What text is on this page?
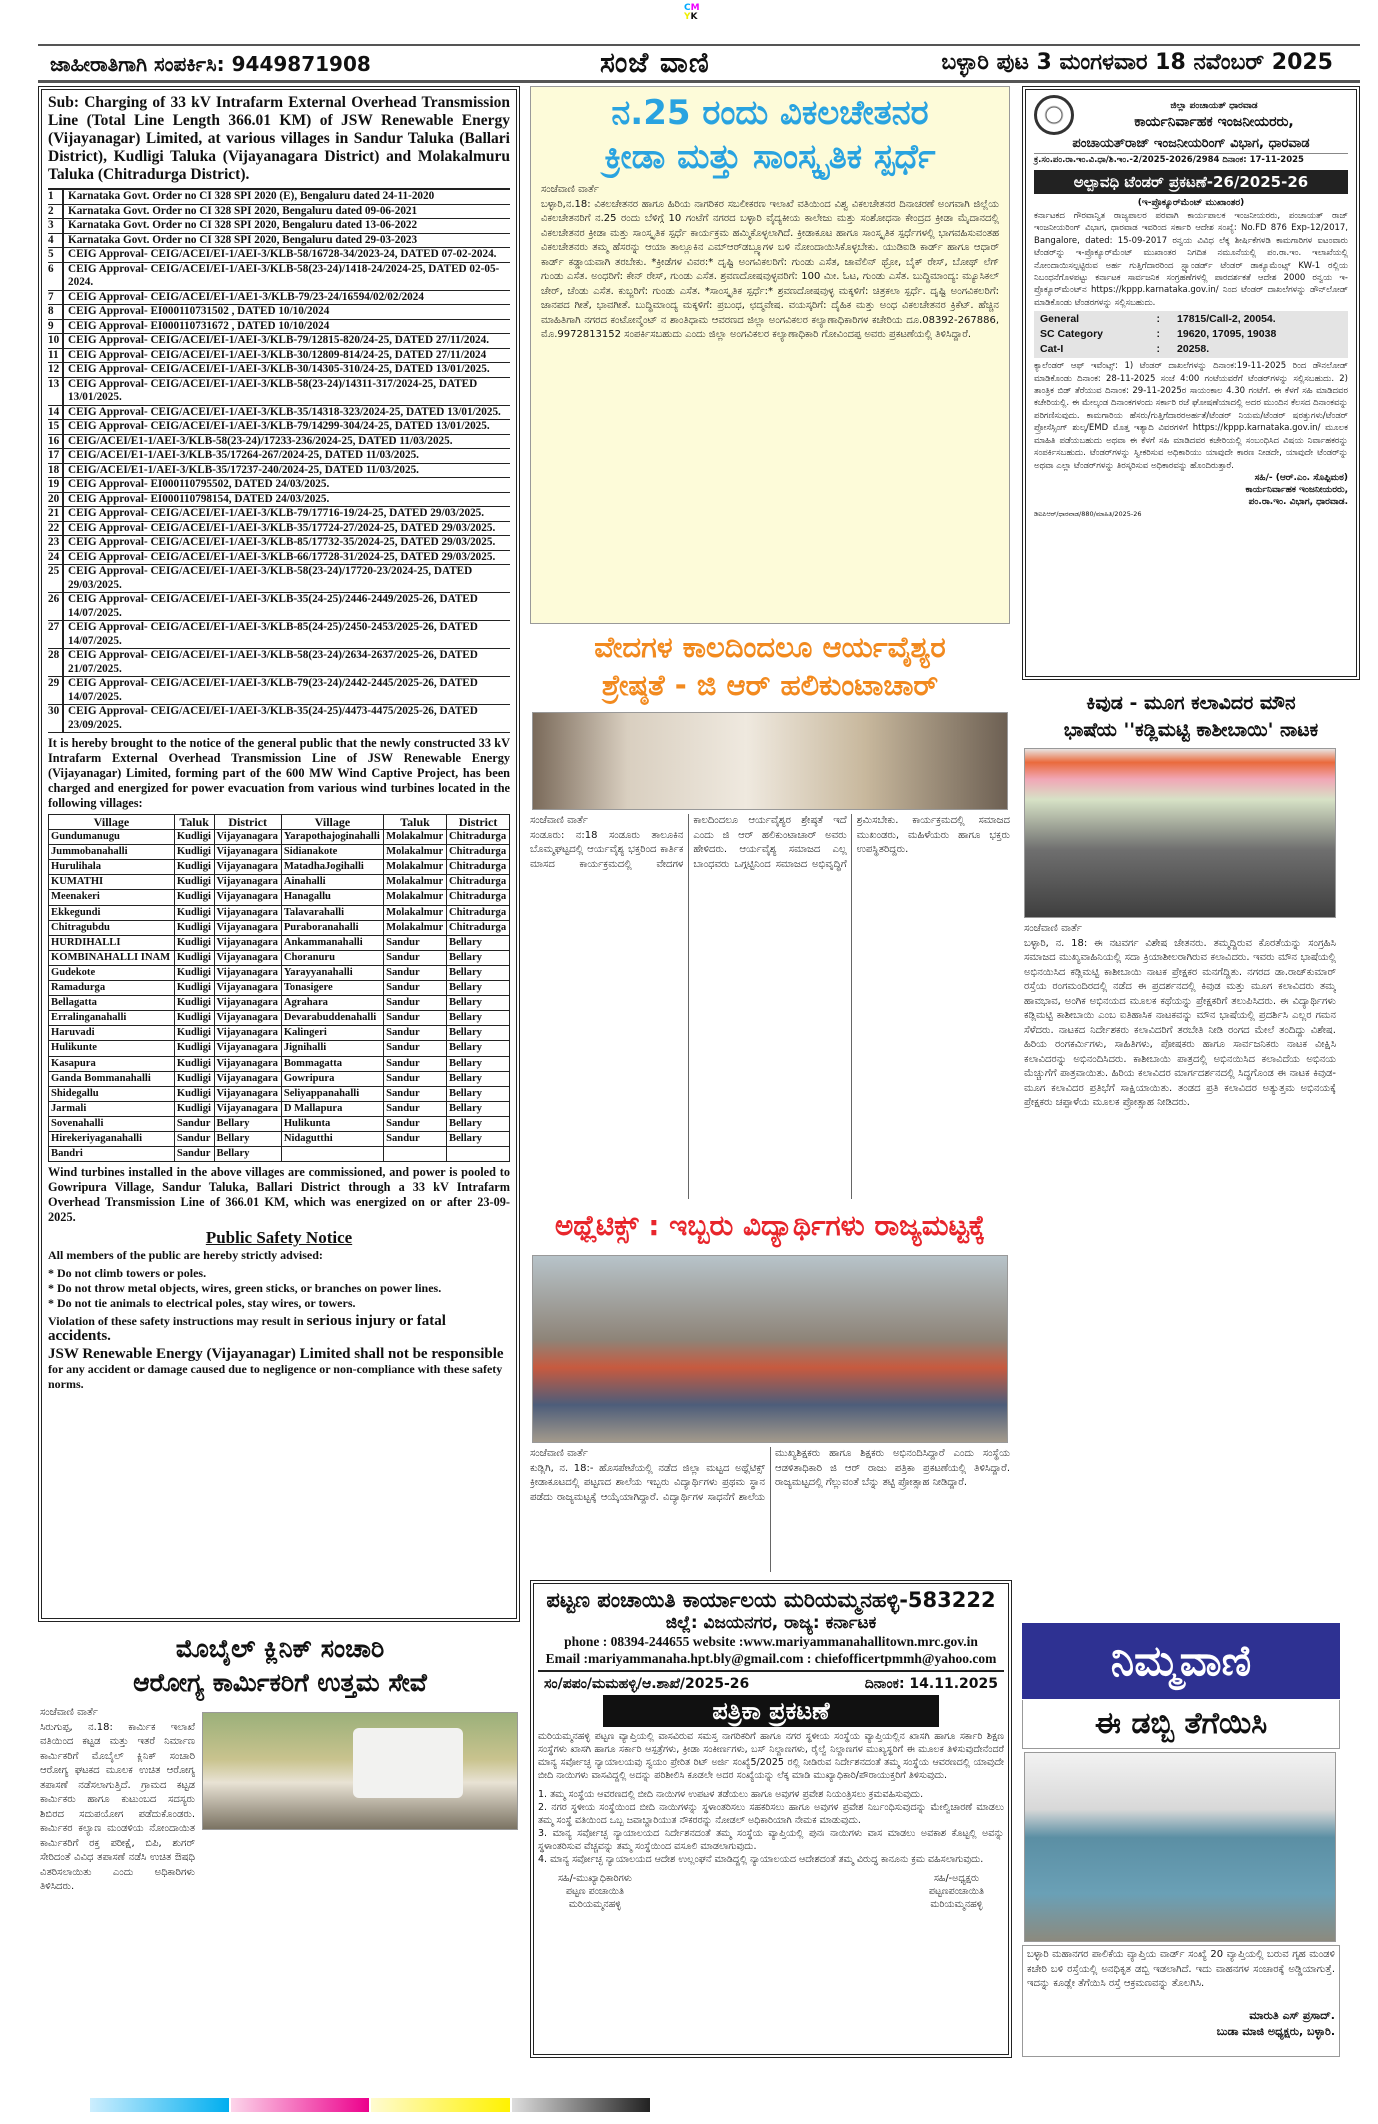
CM
YK
ಜಾಹೀರಾತಿಗಾಗಿ ಸಂಪರ್ಕಿಸಿ: 9449871908	ಸಂಜೆ ವಾಣಿ	ಬಳ್ಳಾರಿ ಪುಟ 3 ಮಂಗಳವಾರ 18 ನವೆಂಬರ್ 2025
Sub: Charging of 33 kV Intrafarm External Overhead Transmission Line (Total Line Length 366.01 KM) of JSW Renewable Energy (Vijayanagar) Limited, at various villages in Sandur Taluka (Ballari District), Kudligi Taluka (Vijayanagara District) and Molakalmuru Taluka (Chitradurga District).
1	Karnataka Govt. Order no CI 328 SPI 2020 (E), Bengaluru dated 24-11-2020
2	Karnataka Govt. Order no CI 328 SPI 2020, Bengaluru dated 09-06-2021
3	Karnataka Govt. Order no CI 328 SPI 2020, Bengaluru dated 13-06-2022
4	Karnataka Govt. Order no CI 328 SPI 2020, Bengaluru dated 29-03-2023
5	CEIG Approval- CEIG/ACEI/EI-1/AEI-3/KLB-58/16728-34/2023-24, DATED 07-02-2024.
6	CEIG Approval- CEIG/ACEI/EI-1/AEI-3/KLB-58(23-24)/1418-24/2024-25, DATED 02-05-2024.
7	CEIG Approval- CEIG/ACEI/EI-1/AE1-3/KLB-79/23-24/16594/02/02/2024
8	CEIG Approval- EI000110731502 , DATED 10/10/2024
9	CEIG Approval- EI000110731672 , DATED 10/10/2024
10 CEIG Approval- CEIG/ACEI/EI-1/AEI-3/KLB-79/12815-820/24-25, DATED 27/11/2024.
11 CEIG Approval- CEIG/ACEI/EI-1/AEI-3/KLB-30/12809-814/24-25, DATED 27/11/2024
12 CEIG Approval- CEIG/ACEI/EI-1/AEI-3/KLB-30/14305-310/24-25, DATED 13/01/2025.
13 CEIG Approval- CEIG/ACEI/EI-1/AEI-3/KLB-58(23-24)/14311-317/2024-25, DATED 13/01/2025.
14 CEIG Approval- CEIG/ACEI/EI-1/AEI-3/KLB-35/14318-323/2024-25, DATED 13/01/2025.
15 CEIG Approval- CEIG/ACEI/EI-1/AEI-3/KLB-79/14299-304/24-25, DATED 13/01/2025.
16 CEIG/ACEI/E1-1/AEI-3/KLB-58(23-24)/17233-236/2024-25, DATED 11/03/2025.
17 CEIG/ACEI/E1-1/AEI-3/KLB-35/17264-267/2024-25, DATED 11/03/2025.
18 CEIG/ACEI/E1-1/AEI-3/KLB-35/17237-240/2024-25, DATED 11/03/2025.
19 CEIG Approval- EI000110795502, DATED 24/03/2025.
20 CEIG Approval- EI000110798154, DATED 24/03/2025.
21 CEIG Approval- CEIG/ACEI/EI-1/AEI-3/KLB-79/17716-19/24-25, DATED 29/03/2025.
22 CEIG Approval- CEIG/ACEI/EI-1/AEI-3/KLB-35/17724-27/2024-25, DATED 29/03/2025.
23 CEIG Approval- CEIG/ACEI/EI-1/AEI-3/KLB-85/17732-35/2024-25, DATED 29/03/2025.
24 CEIG Approval- CEIG/ACEI/EI-1/AEI-3/KLB-66/17728-31/2024-25, DATED 29/03/2025.
25 CEIG Approval- CEIG/ACEI/EI-1/AEI-3/KLB-58(23-24)/17720-23/2024-25, DATED 29/03/2025.
26 CEIG Approval- CEIG/ACEI/EI-1/AEI-3/KLB-35(24-25)/2446-2449/2025-26, DATED 14/07/2025.
27 CEIG Approval- CEIG/ACEI/EI-1/AEI-3/KLB-85(24-25)/2450-2453/2025-26, DATED 14/07/2025.
28 CEIG Approval- CEIG/ACEI/EI-1/AEI-3/KLB-58(23-24)/2634-2637/2025-26, DATED 21/07/2025.
29 CEIG Approval- CEIG/ACEI/EI-1/AEI-3/KLB-79(23-24)/2442-2445/2025-26, DATED 14/07/2025.
30 CEIG Approval- CEIG/ACEI/EI-1/AEI-3/KLB-35(24-25)/4473-4475/2025-26, DATED 23/09/2025.
It is hereby brought to the notice of the general public that the newly constructed 33 kV Intrafarm External Overhead Transmission Line of JSW Renewable Energy (Vijayanagar) Limited, forming part of the 600 MW Wind Captive Project, has been charged and energized for power evacuation from various wind turbines located in the following villages:
Village	Taluk	District	Village	Taluk	District
Gundumanugu	Kudligi	Vijayanagara	Yarapothajoginahalli	Molakalmur	Chitradurga
Jummobanahalli	Kudligi	Vijayanagara	Sidianakote	Molakalmur	Chitradurga
Hurulihala	Kudligi	Vijayanagara	MatadhaJogihalli	Molakalmur	Chitradurga
KUMATHI	Kudligi	Vijayanagara	Ainahalli	Molakalmur	Chitradurga
Meenakeri	Kudligi	Vijayanagara	Hanagallu	Molakalmur	Chitradurga
Ekkegundi	Kudligi	Vijayanagara	Talavarahalli	Molakalmur	Chitradurga
Chitragubdu	Kudligi	Vijayanagara	Puraboranahalli	Molakalmur	Chitradurga
HURDIHALLI	Kudligi	Vijayanagara	Ankammanahalli	Sandur	Bellary
KOMBINAHALLI INAM	Kudligi	Vijayanagara	Choranuru	Sandur	Bellary
Gudekote	Kudligi	Vijayanagara	Yarayyanahalli	Sandur	Bellary
Ramadurga	Kudligi	Vijayanagara	Tonasigere	Sandur	Bellary
Bellagatta	Kudligi	Vijayanagara	Agrahara	Sandur	Bellary
Erralinganahalli	Kudligi	Vijayanagara	Devarabuddenahalli	Sandur	Bellary
Haruvadi	Kudligi	Vijayanagara	Kalingeri	Sandur	Bellary
Hulikunte	Kudligi	Vijayanagara	Jignihalli	Sandur	Bellary
Kasapura	Kudligi	Vijayanagara	Bommagatta	Sandur	Bellary
Ganda Bommanahalli	Kudligi	Vijayanagara	Gowripura	Sandur	Bellary
Shidegallu	Kudligi	Vijayanagara	Seliyappanahalli	Sandur	Bellary
Jarmali	Kudligi	Vijayanagara	D Mallapura	Sandur	Bellary
Sovenahalli	Sandur	Bellary	Hulikunta	Sandur	Bellary
Hirekeriyaganahalli	Sandur	Bellary	Nidagutthi	Sandur	Bellary
Bandri	Sandur	Bellary			
Wind turbines installed in the above villages are commissioned, and power is pooled to Gowripura Village, Sandur Taluka, Ballari District through a 33 kV Intrafarm Overhead Transmission Line of 366.01 KM, which was energized on or after 23-09-2025.
Public Safety Notice
All members of the public are hereby strictly advised:
* Do not climb towers or poles.
* Do not throw metal objects, wires, green sticks, or branches on power lines.
* Do not tie animals to electrical poles, stay wires, or towers.
Violation of these safety instructions may result in serious injury or fatal accidents.
JSW Renewable Energy (Vijayanagar) Limited shall not be responsible for any accident or damage caused due to negligence or non-compliance with these safety norms.
ಮೊಬೈಲ್ ಕ್ಲಿನಿಕ್ ಸಂಚಾರಿ
ಆರೋಗ್ಯ ಕಾರ್ಮಿಕರಿಗೆ ಉತ್ತಮ ಸೇವೆ
ಸಂಜೆವಾಣಿ ವಾರ್ತೆ
ಸಿರುಗುಪ್ಪ, ನ.18: ಕಾರ್ಮಿಕ ಇಲಾಖೆ ವತಿಯಿಂದ ಕಟ್ಟಡ ಮತ್ತು ಇತರೆ ನಿರ್ಮಾಣ ಕಾರ್ಮಿಕರಿಗೆ ಮೊಬೈಲ್ ಕ್ಲಿನಿಕ್ ಸಂಚಾರಿ ಆರೋಗ್ಯ ಘಟಕದ ಮೂಲಕ ಉಚಿತ ಆರೋಗ್ಯ ತಪಾಸಣೆ ನಡೆಸಲಾಗುತ್ತಿದೆ. ಗ್ರಾಮದ ಕಟ್ಟಡ ಕಾರ್ಮಿಕರು ಹಾಗೂ ಕುಟುಂಬದ ಸದಸ್ಯರು ಶಿಬಿರದ ಸದುಪಯೋಗ ಪಡೆದುಕೊಂಡರು. ಕಾರ್ಮಿಕರ ಕಲ್ಯಾಣ ಮಂಡಳಿಯ ನೋಂದಾಯಿತ ಕಾರ್ಮಿಕರಿಗೆ ರಕ್ತ ಪರೀಕ್ಷೆ, ಬಿಪಿ, ಶುಗರ್ ಸೇರಿದಂತೆ ವಿವಿಧ ತಪಾಸಣೆ ನಡೆಸಿ ಉಚಿತ ಔಷಧಿ ವಿತರಿಸಲಾಯಿತು ಎಂದು ಅಧಿಕಾರಿಗಳು ತಿಳಿಸಿದರು.
ನ.25 ರಂದು ವಿಕಲಚೇತನರ
ಕ್ರೀಡಾ ಮತ್ತು ಸಾಂಸ್ಕೃತಿಕ ಸ್ಪರ್ಧೆ
ಸಂಜೆವಾಣಿ ವಾರ್ತೆ
ಬಳ್ಳಾರಿ,ನ.18: ವಿಕಲಚೇತನರ ಹಾಗೂ ಹಿರಿಯ ನಾಗರಿಕರ ಸಬಲೀಕರಣ ಇಲಾಖೆ ವತಿಯಿಂದ ವಿಶ್ವ ವಿಕಲಚೇತನರ ದಿನಾಚರಣೆ ಅಂಗವಾಗಿ ಜಿಲ್ಲೆಯ ವಿಕಲಚೇತನರಿಗೆ ನ.25 ರಂದು ಬೆಳಿಗ್ಗೆ 10 ಗಂಟೆಗೆ ನಗರದ ಬಳ್ಳಾರಿ ವೈದ್ಯಕೀಯ ಕಾಲೇಜು ಮತ್ತು ಸಂಶೋಧನಾ ಕೇಂದ್ರದ ಕ್ರೀಡಾ ಮೈದಾನದಲ್ಲಿ ವಿಕಲಚೇತನರ ಕ್ರೀಡಾ ಮತ್ತು ಸಾಂಸ್ಕೃತಿಕ ಸ್ಪರ್ಧೆ ಕಾರ್ಯಕ್ರಮ ಹಮ್ಮಿಕೊಳ್ಳಲಾಗಿದೆ. ಕ್ರೀಡಾಕೂಟ ಹಾಗೂ ಸಾಂಸ್ಕೃತಿಕ ಸ್ಪರ್ಧೆಗಳಲ್ಲಿ ಭಾಗವಹಿಸುವಂತಹ ವಿಕಲಚೇತನರು ತಮ್ಮ ಹೆಸರನ್ನು ಆಯಾ ತಾಲ್ಲೂಕಿನ ಎಮ್‌ಆರ್‌ಡಬ್ಲ್ಯೂಗಳ ಬಳಿ ನೋಂದಾಯಿಸಿಕೊಳ್ಳಬೇಕು. ಯುಡಿಐಡಿ ಕಾರ್ಡ್ ಹಾಗೂ ಆಧಾರ್ ಕಾರ್ಡ್ ಕಡ್ಡಾಯವಾಗಿ ತರಬೇಕು. *ಕ್ರೀಡೆಗಳ ವಿವರ:* ದೃಷ್ಟಿ ಅಂಗವಿಕಲರಿಗೆ: ಗುಂಡು ಎಸೆತ, ಜಾವೆಲಿನ್ ಥ್ರೋ, ಬೈಕ್ ರೇಸ್, ಬೋಥ್ ಲೆಗ್ ಗುಂಡು ಎಸೆತ. ಅಂಧರಿಗೆ: ಕೇನ್ ರೇಸ್, ಗುಂಡು ಎಸೆತ. ಶ್ರವಣದೋಷವುಳ್ಳವರಿಗೆ: 100 ಮೀ. ಓಟ, ಗುಂಡು ಎಸೆತ. ಬುದ್ಧಿಮಾಂದ್ಯ: ಮ್ಯೂಸಿಕಲ್ ಚೇರ್, ಚೆಂಡು ಎಸೆತ. ಕುಬ್ಜರಿಗೆ: ಗುಂಡು ಎಸೆತ. *ಸಾಂಸ್ಕೃತಿಕ ಸ್ಪರ್ಧೆ:* ಶ್ರವಣದೋಷವುಳ್ಳ ಮಕ್ಕಳಿಗೆ: ಚಿತ್ರಕಲಾ ಸ್ಪರ್ಧೆ. ದೃಷ್ಟಿ ಅಂಗವಿಕಲರಿಗೆ: ಜಾನಪದ ಗೀತೆ, ಭಾವಗೀತೆ. ಬುದ್ಧಿಮಾಂದ್ಯ ಮಕ್ಕಳಿಗೆ: ಪ್ರಬಂಧ, ಛದ್ಮವೇಷ. ವಯಸ್ಕರಿಗೆ: ದೈಹಿಕ ಮತ್ತು ಅಂಧ ವಿಕಲಚೇತನರ ಕ್ರಿಕೆಟ್. ಹೆಚ್ಚಿನ ಮಾಹಿತಿಗಾಗಿ ನಗರದ ಕಂಟೋನ್ಮೆಂಟ್ ನ ಶಾಂತಿಧಾಮ ಆವರಣದ ಜಿಲ್ಲಾ ಅಂಗವಿಕಲರ ಕಲ್ಯಾಣಾಧಿಕಾರಿಗಳ ಕಚೇರಿಯ ದೂ.08392-267886, ಮೊ.9972813152 ಸಂಪರ್ಕಿಸಬಹುದು ಎಂದು ಜಿಲ್ಲಾ ಅಂಗವಿಕಲರ ಕಲ್ಯಾಣಾಧಿಕಾರಿ ಗೋವಿಂದಪ್ಪ ಅವರು ಪ್ರಕಟಣೆಯಲ್ಲಿ ತಿಳಿಸಿದ್ದಾರೆ.
ವೇದಗಳ ಕಾಲದಿಂದಲೂ ಆರ್ಯವೈಶ್ಯರ
ಶ್ರೇಷ್ಠತೆ - ಜಿ ಆರ್ ಹಲಿಕುಂಟಾಚಾರ್
ಸಂಜೆವಾಣಿ ವಾರ್ತೆ
ಸಂಡೂರು: ನ:18 ಸಂಡೂರು ತಾಲೂಕಿನ ಬೊಮ್ಮಘಟ್ಟದಲ್ಲಿ ಆರ್ಯವೈಶ್ಯ ಭಕ್ತರಿಂದ ಕಾರ್ತಿಕ ಮಾಸದ ಕಾರ್ಯಕ್ರಮದಲ್ಲಿ ವೇದಗಳ ಕಾಲದಿಂದಲೂ ಆರ್ಯವೈಶ್ಯರ ಶ್ರೇಷ್ಠತೆ ಇದೆ ಎಂದು ಜಿ ಆರ್ ಹಲಿಕುಂಟಾಚಾರ್ ಅವರು ಹೇಳಿದರು. ಆರ್ಯವೈಶ್ಯ ಸಮಾಜದ ಎಲ್ಲ ಬಾಂಧವರು ಒಗ್ಗಟ್ಟಿನಿಂದ ಸಮಾಜದ ಅಭಿವೃದ್ಧಿಗೆ ಶ್ರಮಿಸಬೇಕು. ಕಾರ್ಯಕ್ರಮದಲ್ಲಿ ಸಮಾಜದ ಮುಖಂಡರು, ಮಹಿಳೆಯರು ಹಾಗೂ ಭಕ್ತರು ಉಪಸ್ಥಿತರಿದ್ದರು.
ಅಥ್ಲೆಟಿಕ್ಸ್ : ಇಬ್ಬರು ವಿದ್ಯಾರ್ಥಿಗಳು ರಾಜ್ಯಮಟ್ಟಕ್ಕೆ
ಸಂಜೆವಾಣಿ ವಾರ್ತೆ
ಕುಡ್ಲಿಗಿ, ನ. 18:- ಹೊಸಪೇಟೆಯಲ್ಲಿ ನಡೆದ ಜಿಲ್ಲಾ ಮಟ್ಟದ ಅಥ್ಲೆಟಿಕ್ಸ್ ಕ್ರೀಡಾಕೂಟದಲ್ಲಿ ಪಟ್ಟಣದ ಶಾಲೆಯ ಇಬ್ಬರು ವಿದ್ಯಾರ್ಥಿಗಳು ಪ್ರಥಮ ಸ್ಥಾನ ಪಡೆದು ರಾಜ್ಯಮಟ್ಟಕ್ಕೆ ಆಯ್ಕೆಯಾಗಿದ್ದಾರೆ. ವಿದ್ಯಾರ್ಥಿಗಳ ಸಾಧನೆಗೆ ಶಾಲೆಯ ಮುಖ್ಯಶಿಕ್ಷಕರು ಹಾಗೂ ಶಿಕ್ಷಕರು ಅಭಿನಂದಿಸಿದ್ದಾರೆ ಎಂದು ಸಂಸ್ಥೆಯ ಆಡಳಿತಾಧಿಕಾರಿ ಜಿ ಆರ್ ರಾಜು ಪತ್ರಿಕಾ ಪ್ರಕಟಣೆಯಲ್ಲಿ ತಿಳಿಸಿದ್ದಾರೆ. ರಾಜ್ಯಮಟ್ಟದಲ್ಲಿ ಗೆಲ್ಲುವಂತೆ ಬೆನ್ನು ತಟ್ಟಿ ಪ್ರೋತ್ಸಾಹ ನೀಡಿದ್ದಾರೆ.
ಪಟ್ಟಣ ಪಂಚಾಯಿತಿ ಕಾರ್ಯಾಲಯ ಮರಿಯಮ್ಮನಹಳ್ಳಿ-583222
ಜಿಲ್ಲೆ: ವಿಜಯನಗರ, ರಾಜ್ಯ: ಕರ್ನಾಟಕ
phone : 08394-244655 website :www.mariyammanahallitown.mrc.gov.in
Email :mariyammanaha.hpt.bly@gmail.com : chiefofficertpmmh@yahoo.com
ಸಂ/ಪಪಂ/ಮಮಹಳ್ಳಿ/ಆ.ಶಾಖೆ/2025-26	ದಿನಾಂಕ: 14.11.2025
ಪತ್ರಿಕಾ ಪ್ರಕಟಣೆ
ಮರಿಯಮ್ಮನಹಳ್ಳಿ ಪಟ್ಟಣ ವ್ಯಾಪ್ತಿಯಲ್ಲಿ ವಾಸವಿರುವ ಸಮಸ್ತ ನಾಗರಿಕರಿಗೆ ಹಾಗೂ ನಗರ ಸ್ಥಳೀಯ ಸಂಸ್ಥೆಯ ವ್ಯಾಪ್ತಿಯಲ್ಲಿನ ಖಾಸಗಿ ಹಾಗೂ ಸರ್ಕಾರಿ ಶಿಕ್ಷಣ ಸಂಸ್ಥೆಗಳು ಖಾಸಗಿ ಹಾಗೂ ಸರ್ಕಾರಿ ಆಸ್ಪತ್ರೆಗಳು, ಕ್ರೀಡಾ ಸಂಕೀರ್ಣಗಳು, ಬಸ್ ನಿಲ್ದಾಣಗಳು, ರೈಲ್ವೆ ನಿಲ್ದಾಣಗಳ ಮುಖ್ಯಸ್ಥರಿಗೆ ಈ ಮೂಲಕ ತಿಳಿಸುವುದೇನೆಂದರೆ ಮಾನ್ಯ ಸರ್ವೋಚ್ಛ ನ್ಯಾಯಾಲಯವು ಸ್ವಯಂ ಪ್ರೇರಿತ ರಿಟ್ ಅರ್ಜಿ ಸಂಖ್ಯೆ5/2025 ರಲ್ಲಿ ನೀಡಿರುವ ನಿರ್ದೇಶನದಂತೆ ತಮ್ಮ ಸಂಸ್ಥೆಯ ಆವರಣದಲ್ಲಿ ಯಾವುದೇ ಬೀದಿ ನಾಯಿಗಳು ವಾಸವಿದ್ದಲ್ಲಿ ಅದನ್ನು ಪರಿಶೀಲಿಸಿ ಕೂಡಲೇ ಅದರ ಸಂಖ್ಯೆಯನ್ನು ಲೆಕ್ಕ ಮಾಡಿ ಮುಖ್ಯಾಧಿಕಾರಿ/ಪೌರಾಯುಕ್ತರಿಗೆ ತಿಳಿಸುವುದು.
1. ತಮ್ಮ ಸಂಸ್ಥೆಯ ಆವರಣದಲ್ಲಿ ಬೀದಿ ನಾಯಿಗಳ ಉಪಟಳ ತಡೆಯಲು ಹಾಗೂ ಅವುಗಳ ಪ್ರವೇಶ ನಿಯಂತ್ರಿಸಲು ಕ್ರಮವಹಿಸುವುದು.
2. ನಗರ ಸ್ಥಳೀಯ ಸಂಸ್ಥೆಯಿಂದ ಬೀದಿ ನಾಯಿಗಳನ್ನು ಸ್ಥಳಾಂತರಿಸಲು ಸಹಕರಿಸಲು ಹಾಗೂ ಅವುಗಳ ಪ್ರವೇಶ ನಿರ್ಬಂಧಿಸುವುದನ್ನು ಮೇಲ್ವಿಚಾರಣೆ ಮಾಡಲು ತಮ್ಮ ಸಂಸ್ಥೆ ವತಿಯಿಂದ ಒಬ್ಬ ಜವಾಬ್ದಾರಿಯುತ ನೌಕರರನ್ನು ನೋಡಲ್ ಅಧಿಕಾರಿಯಾಗಿ ನೇಮಕ ಮಾಡುವುದು.
3. ಮಾನ್ಯ ಸರ್ವೋಚ್ಛ ನ್ಯಾಯಾಲಯದ ನಿರ್ದೇಶನದಂತೆ ತಮ್ಮ ಸಂಸ್ಥೆಯ ವ್ಯಾಪ್ತಿಯಲ್ಲಿ ಪುನಃ ನಾಯಿಗಳು ವಾಸ ಮಾಡಲು ಅವಕಾಶ ಕೊಟ್ಟಲ್ಲಿ ಅವನ್ನು ಸ್ಥಳಾಂತರಿಸುವ ವೆಚ್ಚವನ್ನು ತಮ್ಮ ಸಂಸ್ಥೆಯಿಂದ ವಸೂಲಿ ಮಾಡಲಾಗುವುದು.
4. ಮಾನ್ಯ ಸರ್ವೋಚ್ಛ ನ್ಯಾಯಾಲಯದ ಆದೇಶ ಉಲ್ಲಂಘನೆ ಮಾಡಿದ್ದಲ್ಲಿ ನ್ಯಾಯಾಲಯದ ಆದೇಶದಂತೆ ತಮ್ಮ ವಿರುದ್ಧ ಕಾನೂನು ಕ್ರಮ ವಹಿಸಲಾಗುವುದು.
ಸಹಿ/-ಮುಖ್ಯಾಧಿಕಾರಿಗಳು
ಪಟ್ಟಣ ಪಂಚಾಯಿತಿ
ಮರಿಯಮ್ಮನಹಳ್ಳಿ
ಸಹಿ/-ಅಧ್ಯಕ್ಷರು
ಪಟ್ಟಣಪಂಚಾಯಿತಿ
ಮರಿಯಮ್ಮನಹಳ್ಳಿ
ಜಿಲ್ಲಾ ಪಂಚಾಯತ್ ಧಾರವಾಡ
ಕಾರ್ಯನಿರ್ವಾಹಕ ಇಂಜನೀಯರರು,
ಪಂಚಾಯತ್‌ರಾಜ್ ಇಂಜನೀಯರಿಂಗ್ ವಿಭಾಗ, ಧಾರವಾಡ
ಕ್ರ.ಸಂ.ಪಂ.ರಾ.ಇಂ.ವಿ.ಧಾ/ಶಿ.ಇಂ.-2/2025-2026/2984 ದಿನಾಂಕ: 17-11-2025
ಅಲ್ಪಾವಧಿ ಟೆಂಡರ್ ಪ್ರಕಟಣೆ-26/2025-26
(ಇ-ಪ್ರೊಕ್ಯೂರ್‌ಮೆಂಟ್ ಮುಖಾಂತರ)
ಕರ್ನಾಟಕದ ಗೌರವಾನ್ವಿತ ರಾಜ್ಯಪಾಲರ ಪರವಾಗಿ ಕಾರ್ಯಪಾಲಕ ಇಂಜನೀಯರರು, ಪಂಚಾಯತ್ ರಾಜ್ ಇಂಜನೀಯರಿಂಗ್ ವಿಭಾಗ, ಧಾರವಾಡ ಇವರಿಂದ ಸರ್ಕಾರಿ ಆದೇಶ ಸಂಖ್ಯೆ: No.FD 876 Exp-12/2017, Bangalore, dated: 15-09-2017 ರನ್ವಯ ವಿವಿಧ ಲೆಕ್ಕ ಶೀರ್ಷಿಕೆಗಳಡಿ ಕಾಮಗಾರಿಗಳ ಐಟಂವಾರು ಟೆಂಡರ್‌ನ್ನು ಇ-ಪ್ರೊಕ್ಯೂರ್‌ಮೆಂಟ್ ಮುಖಾಂತರ ನಿಗದಿತ ನಮೂನೆಯಲ್ಲಿ ಪಂ.ರಾ.ಇಂ. ಇಲಾಖೆಯಲ್ಲಿ ನೋಂದಾಯಿಸಲ್ಪಟ್ಟಿರುವ ಅರ್ಹ ಗುತ್ತಿಗೆದಾರರಿಂದ ಸ್ಟ್ಯಾಂಡರ್ಡ್ ಟೆಂಡರ್ ಡಾಕ್ಯೂಮೆಂಟ್ಸ್ KW-1 ರಲ್ಲಿಯ ನಿಬಂಧನೆಗೊಳಪಟ್ಟು ಕರ್ನಾಟಕ ಸಾರ್ವಜನಿಕ ಸಂಗ್ರಹಣೆಗಳಲ್ಲಿ ಪಾರದರ್ಶಕತೆ ಆದೇಶ 2000 ರನ್ವಯ ಇ-ಪ್ರೊಕ್ಯೂರ್‌ಮೆಂಟ್‌ನ https://kppp.karnataka.gov.in/ ನಿಂದ ಟೆಂಡರ್ ದಾಖಲೆಗಳನ್ನು ಡೌನ್‌ಲೋಡ್ ಮಾಡಿಕೊಂಡು ಟೆಂಡರಗಳನ್ನು ಸಲ್ಲಿಸಬಹುದು.
General	:	17815/Call-2, 20054.
SC Category	:	19620, 17095, 19038
Cat-I	:	20258.
ಕ್ಯಾಲೆಂಡರ್ ಆಫ್ ಇವೆಂಟ್ಸ್: 1) ಟೆಂಡರ್ ದಾಖಲೆಗಳನ್ನು ದಿನಾಂಕ:19-11-2025 ರಿಂದ ಡೌನಲೋಡ್ ಮಾಡಿಕೊಂಡು ದಿನಾಂಕ: 28-11-2025 ಸಂಜೆ 4:00 ಗಂಟೆಯವರೆಗೆ ಟೆಂಡರ್‌ಗಳನ್ನು ಸಲ್ಲಿಸಬಹುದು. 2) ತಾಂತ್ರಿಕ ಬಿಡ್ ತೆರೆಯುವ ದಿನಾಂಕ: 29-11-2025ರ ಸಾಯಂಕಾಲ 4.30 ಗಂಟೆಗೆ. ಈ ಕೆಳಗೆ ಸಹಿ ಮಾಡಿದವರ ಕಚೇರಿಯಲ್ಲಿ. ಈ ಮೇಲ್ಕಂಡ ದಿನಾಂಕಗಳಂದು ಸರ್ಕಾರಿ ರಜೆ ಘೋಷಣೆಯಾದಲ್ಲಿ ಅದರ ಮುಂದಿನ ಕೆಲಸದ ದಿನಾಂಕವನ್ನು ಪರಿಗಣಿಸುವುದು. ಕಾಮಗಾರಿಯ ಹೆಸರು/ಗುತ್ತಿಗೆದಾರರಅರ್ಹತೆ/ಟೆಂಡರ್ ನಿಯಮ/ಟೆಂಡರ್ ಷರತ್ತುಗಳು/ಟೆಂಡರ್ ಪ್ರೋಸೆಸ್ಸಿಂಗ್ ಶುಲ್ಕ/EMD ಮೊತ್ತ ಇತ್ಯಾದಿ ವಿವರಗಳಿಗೆ https://kppp.karnataka.gov.in/ ಮೂಲಕ ಮಾಹಿತಿ ಪಡೆಯಬಹುದು ಅಥವಾ ಈ ಕೆಳಗೆ ಸಹಿ ಮಾಡಿದವರ ಕಚೇರಿಯಲ್ಲಿ ಸಂಬಂಧಿಸಿದ ವಿಷಯ ನಿರ್ವಾಹಕರನ್ನು ಸಂಪರ್ಕಿಸಬಹುದು. ಟೆಂಡರ್‌ಗಳನ್ನು ಸ್ವೀಕರಿಸುವ ಅಧಿಕಾರಿಯು ಯಾವುದೇ ಕಾರಣ ನೀಡದೇ, ಯಾವುದೇ ಟೆಂಡರ್‌ನ್ನು ಅಥವಾ ಎಲ್ಲಾ ಟೆಂಡರ್‌ಗಳನ್ನು ತಿರಸ್ಕರಿಸುವ ಅಧಿಕಾರವನ್ನು ಹೊಂದಿರುತ್ತಾರೆ.
ಸಹಿ/- (ಆರ್.ಎಂ. ಸೊಪ್ಪಿಮಠ)
ಕಾರ್ಯನಿರ್ವಾಹಕ ಇಂಜನೀಯರರು,
ಪಂ.ರಾ.ಇಂ. ವಿಭಾಗ, ಧಾರವಾಡ.
ಡಿಐಪಿಆರ್/ಧಾರವಾಡ/880/ಮಾಹಿತಿ/2025-26
ಕಿವುಡ - ಮೂಗ ಕಲಾವಿದರ ಮೌನ
ಭಾಷೆಯ ''ಕಡ್ಲಿಮಟ್ಟಿ ಕಾಶೀಬಾಯಿ' ನಾಟಕ
ಸಂಜೆವಾಣಿ ವಾರ್ತೆ
ಬಳ್ಳಾರಿ, ನ. 18: ಈ ನಟವರ್ಗ ವಿಶೇಷ ಚೇತನರು. ತಮ್ಮದ್ದಿರುವ ಕೊರತೆಯನ್ನು ಸಂಗ್ರಹಿಸಿ ಸಮಾಜದ ಮುಖ್ಯವಾಹಿನಿಯಲ್ಲಿ ಸದಾ ಕ್ರಿಯಾಶೀಲರಾಗಿರುವ ಕಲಾವಿದರು. ಇವರು ಮೌನ ಭಾಷೆಯಲ್ಲಿ ಅಭಿನಯಿಸಿದ ಕಡ್ಲಿಮಟ್ಟಿ ಕಾಶೀಬಾಯಿ ನಾಟಕ ಪ್ರೇಕ್ಷಕರ ಮನಗೆದ್ದಿತು. ನಗರದ ಡಾ.ರಾಜ್‌ಕುಮಾರ್ ರಸ್ತೆಯ ರಂಗಮಂದಿರದಲ್ಲಿ ನಡೆದ ಈ ಪ್ರದರ್ಶನದಲ್ಲಿ ಕಿವುಡ ಮತ್ತು ಮೂಗ ಕಲಾವಿದರು ತಮ್ಮ ಹಾವಭಾವ, ಅಂಗಿಕ ಅಭಿನಯದ ಮೂಲಕ ಕಥೆಯನ್ನು ಪ್ರೇಕ್ಷಕರಿಗೆ ತಲುಪಿಸಿದರು. ಈ ವಿದ್ಯಾರ್ಥಿಗಳು ಕಡ್ಲಿಮಟ್ಟಿ ಕಾಶೀಬಾಯಿ ಎಂಬ ಐತಿಹಾಸಿಕ ನಾಟಕವನ್ನು ಮೌನ ಭಾಷೆಯಲ್ಲಿ ಪ್ರದರ್ಶಿಸಿ ಎಲ್ಲರ ಗಮನ ಸೆಳೆದರು. ನಾಟಕದ ನಿರ್ದೇಶಕರು ಕಲಾವಿದರಿಗೆ ತರಬೇತಿ ನೀಡಿ ರಂಗದ ಮೇಲೆ ತಂದಿದ್ದು ವಿಶೇಷ. ಹಿರಿಯ ರಂಗಕರ್ಮಿಗಳು, ಸಾಹಿತಿಗಳು, ಪೋಷಕರು ಹಾಗೂ ಸಾರ್ವಜನಿಕರು ನಾಟಕ ವೀಕ್ಷಿಸಿ ಕಲಾವಿದರನ್ನು ಅಭಿನಂದಿಸಿದರು. ಕಾಶೀಬಾಯಿ ಪಾತ್ರದಲ್ಲಿ ಅಭಿನಯಿಸಿದ ಕಲಾವಿದೆಯ ಅಭಿನಯ ಮೆಚ್ಚುಗೆಗೆ ಪಾತ್ರವಾಯಿತು. ಹಿರಿಯ ಕಲಾವಿದರ ಮಾರ್ಗದರ್ಶನದಲ್ಲಿ ಸಿದ್ಧಗೊಂಡ ಈ ನಾಟಕ ಕಿವುಡ-ಮೂಗ ಕಲಾವಿದರ ಪ್ರತಿಭೆಗೆ ಸಾಕ್ಷಿಯಾಯಿತು. ತಂಡದ ಪ್ರತಿ ಕಲಾವಿದರ ಅತ್ಯುತ್ತಮ ಅಭಿನಯಕ್ಕೆ ಪ್ರೇಕ್ಷಕರು ಚಪ್ಪಾಳೆಯ ಮೂಲಕ ಪ್ರೋತ್ಸಾಹ ನೀಡಿದರು.
ನಿಮ್ಮವಾಣಿ
ಈ ಡಬ್ಬಿ ತೆಗೆಯಿಸಿ
ಬಳ್ಳಾರಿ ಮಹಾನಗರ ಪಾಲಿಕೆಯ ವ್ಯಾಪ್ತಿಯ ವಾರ್ಡ್ ಸಂಖ್ಯೆ 20 ವ್ಯಾಪ್ತಿಯಲ್ಲಿ ಬರುವ ಗೃಹ ಮಂಡಳಿ ಕಚೇರಿ ಬಳಿ ರಸ್ತೆಯಲ್ಲಿ ಅನಧಿಕೃತ ಡಬ್ಬಿ ಇಡಲಾಗಿದೆ. ಇದು ವಾಹನಗಳ ಸಂಚಾರಕ್ಕೆ ಅಡ್ಡಿಯಾಗುತ್ತೆ. ಇದನ್ನು ಕೂಡ್ಲೇ ತೆಗೆಯಿಸಿ ರಸ್ತೆ ಆಕ್ರಮಣವನ್ನು ತೊಲಗಿಸಿ.
ಮಾರುತಿ ಎಸ್ ಪ್ರಸಾದ್.
ಬುಡಾ ಮಾಜಿ ಅಧ್ಯಕ್ಷರು, ಬಳ್ಳಾರಿ.
